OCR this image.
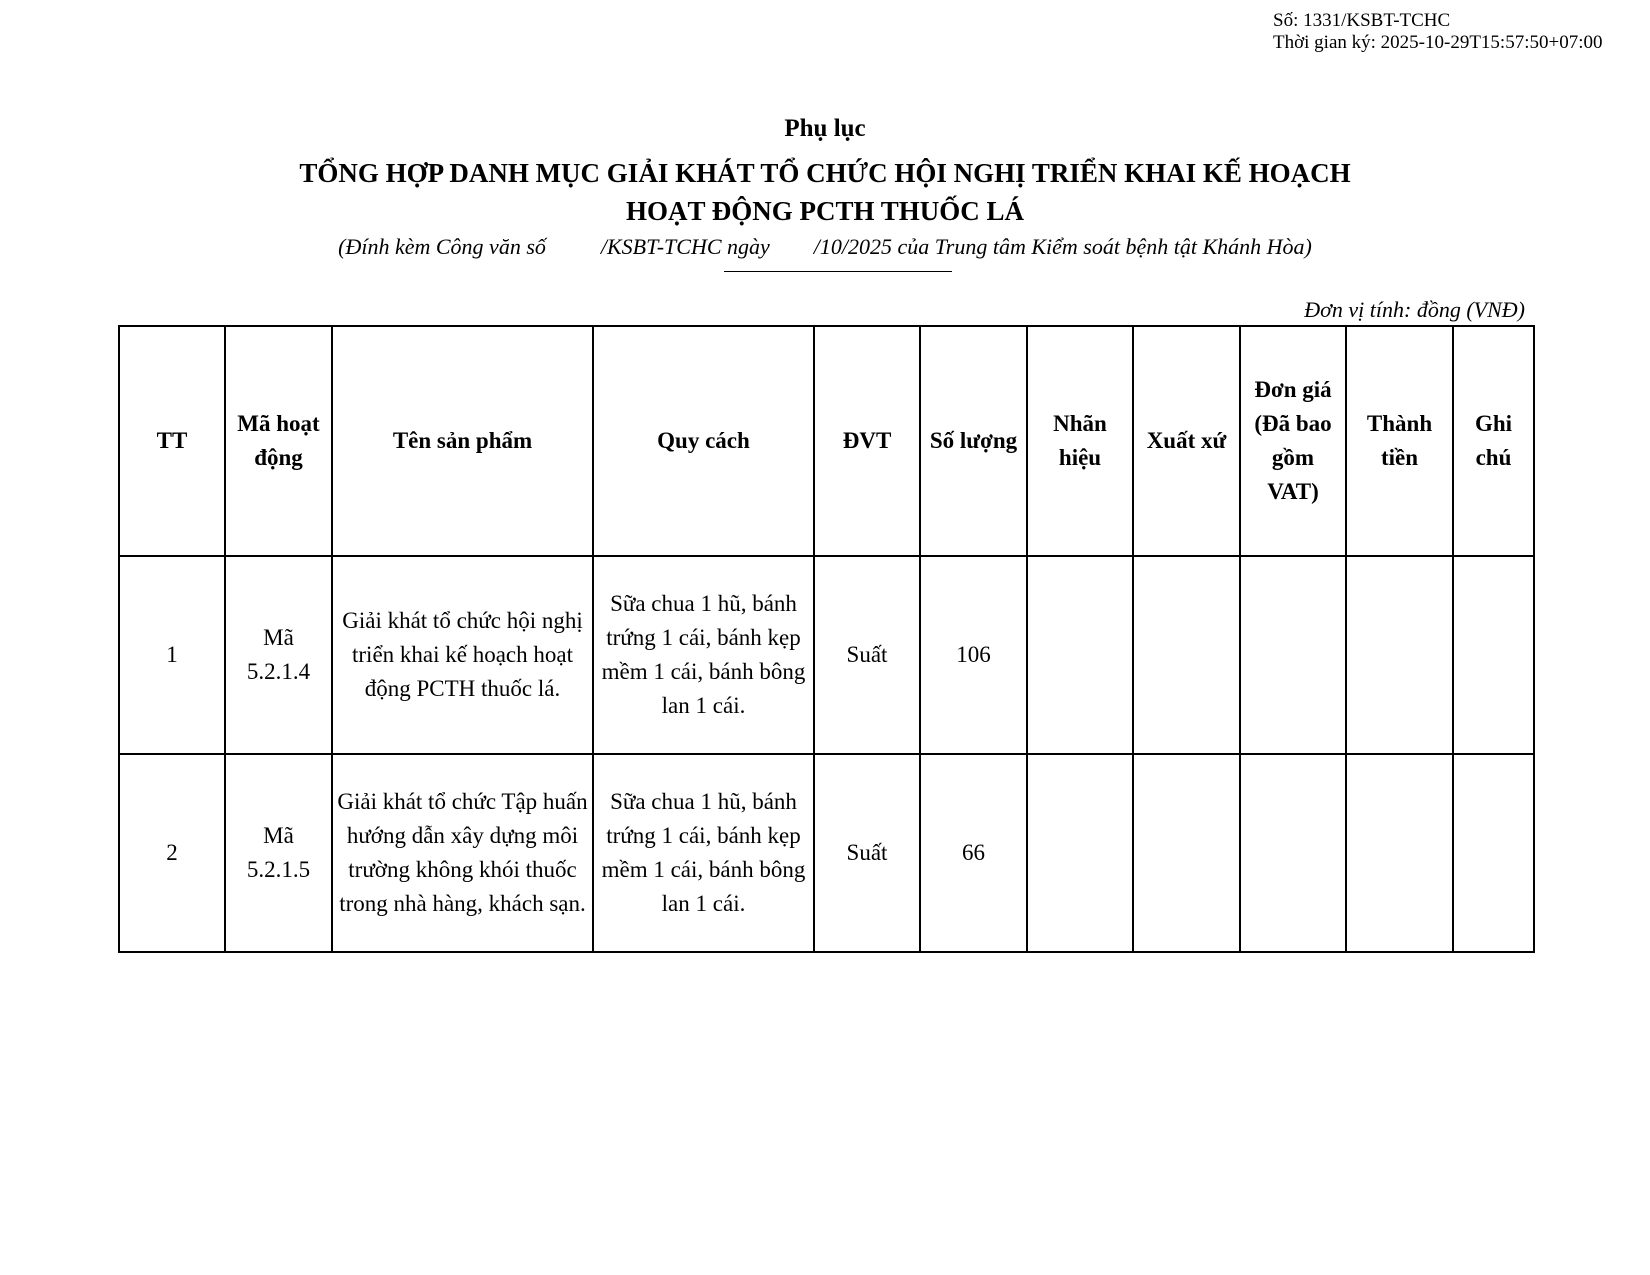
Số: 1331/KSBT-TCHC
Thời gian ký: 2025-10-29T15:57:50+07:00
Phụ lục
TỔNG HỢP DANH MỤC GIẢI KHÁT TỔ CHỨC HỘI NGHỊ TRIỂN KHAI KẾ HOẠCH
HOẠT ĐỘNG PCTH THUỐC LÁ
(Đính kèm Công văn số          /KSBT-TCHC ngày        /10/2025 của Trung tâm Kiểm soát bệnh tật Khánh Hòa)
Đơn vị tính: đồng (VNĐ)
TT	Mã hoạt động	Tên sản phẩm	Quy cách	ĐVT	Số lượng	Nhãn hiệu	Xuất xứ	Đơn giá (Đã bao gồm VAT)	Thành tiền	Ghi chú
1	Mã 5.2.1.4	Giải khát tổ chức hội nghị triển khai kế hoạch hoạt động PCTH thuốc lá.	Sữa chua 1 hũ, bánh trứng 1 cái, bánh kẹp mềm 1 cái, bánh bông lan 1 cái.	Suất	106					
2	Mã 5.2.1.5	Giải khát tổ chức Tập huấn hướng dẫn xây dựng môi trường không khói thuốc trong nhà hàng, khách sạn.	Sữa chua 1 hũ, bánh trứng 1 cái, bánh kẹp mềm 1 cái, bánh bông lan 1 cái.	Suất	66					
